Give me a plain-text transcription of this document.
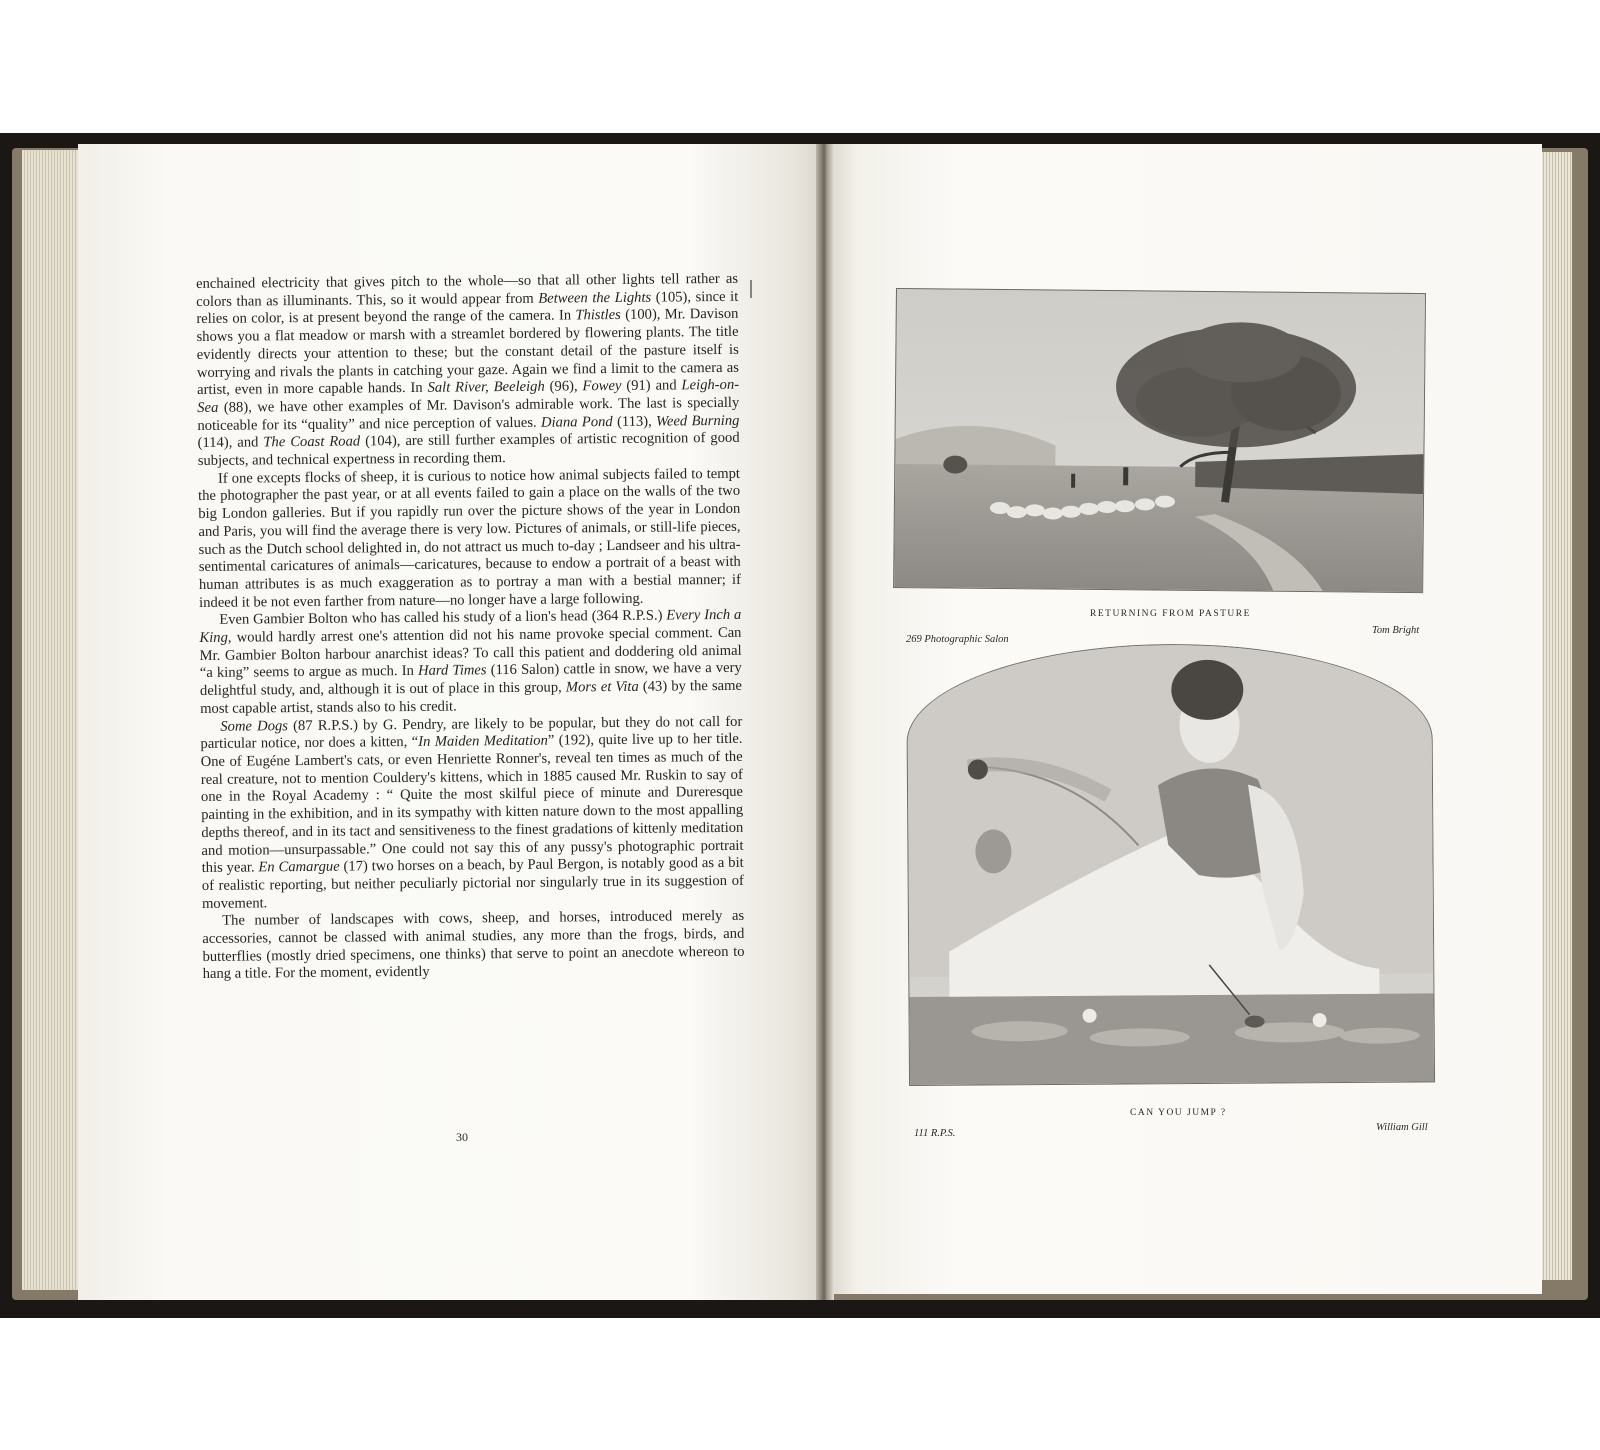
enchained electricity that gives pitch to the whole—so that all other lights tell rather as colors than as illuminants. This, so it would appear from Between the Lights (105), since it relies on color, is at present beyond the range of the camera. In Thistles (100), Mr. Davison shows you a flat meadow or marsh with a streamlet bordered by flowering plants. The title evidently directs your attention to these; but the constant detail of the pasture itself is worrying and rivals the plants in catching your gaze. Again we find a limit to the camera as artist, even in more capable hands. In Salt River, Beeleigh (96), Fowey (91) and Leigh-on-Sea (88), we have other examples of Mr. Davison's admirable work. The last is specially noticeable for its “quality” and nice perception of values. Diana Pond (113), Weed Burning (114), and The Coast Road (104), are still further examples of artistic recognition of good subjects, and technical expertness in recording them.

If one excepts flocks of sheep, it is curious to notice how animal subjects failed to tempt the photographer the past year, or at all events failed to gain a place on the walls of the two big London galleries. But if you rapidly run over the picture shows of the year in London and Paris, you will find the average there is very low. Pictures of animals, or still-life pieces, such as the Dutch school delighted in, do not attract us much to-day ; Landseer and his ultra-sentimental caricatures of animals—caricatures, because to endow a portrait of a beast with human attributes is as much exaggeration as to portray a man with a bestial manner; if indeed it be not even farther from nature—no longer have a large following.

Even Gambier Bolton who has called his study of a lion's head (364 R.P.S.) Every Inch a King, would hardly arrest one's attention did not his name provoke special comment. Can Mr. Gambier Bolton harbour anarchist ideas? To call this patient and doddering old animal “a king” seems to argue as much. In Hard Times (116 Salon) cattle in snow, we have a very delightful study, and, although it is out of place in this group, Mors et Vita (43) by the same most capable artist, stands also to his credit.

Some Dogs (87 R.P.S.) by G. Pendry, are likely to be popular, but they do not call for particular notice, nor does a kitten, “In Maiden Meditation” (192), quite live up to her title. One of Eugéne Lambert's cats, or even Henriette Ronner's, reveal ten times as much of the real creature, not to mention Couldery's kittens, which in 1885 caused Mr. Ruskin to say of one in the Royal Academy : “ Quite the most skilful piece of minute and Dureresque painting in the exhibition, and in its sympathy with kitten nature down to the most appalling depths thereof, and in its tact and sensitiveness to the finest gradations of kittenly meditation and motion—unsurpassable.” One could not say this of any pussy's photographic portrait this year. En Camargue (17) two horses on a beach, by Paul Bergon, is notably good as a bit of realistic reporting, but neither peculiarly pictorial nor singularly true in its suggestion of movement.

The number of landscapes with cows, sheep, and horses, introduced merely as accessories, cannot be classed with animal studies, any more than the frogs, birds, and butterflies (mostly dried specimens, one thinks) that serve to point an anecdote whereon to hang a title. For the moment, evidently

30
RETURNING FROM PASTURE
269 Photographic Salon
Tom Bright
CAN YOU JUMP ?
111 R.P.S.
William Gill
